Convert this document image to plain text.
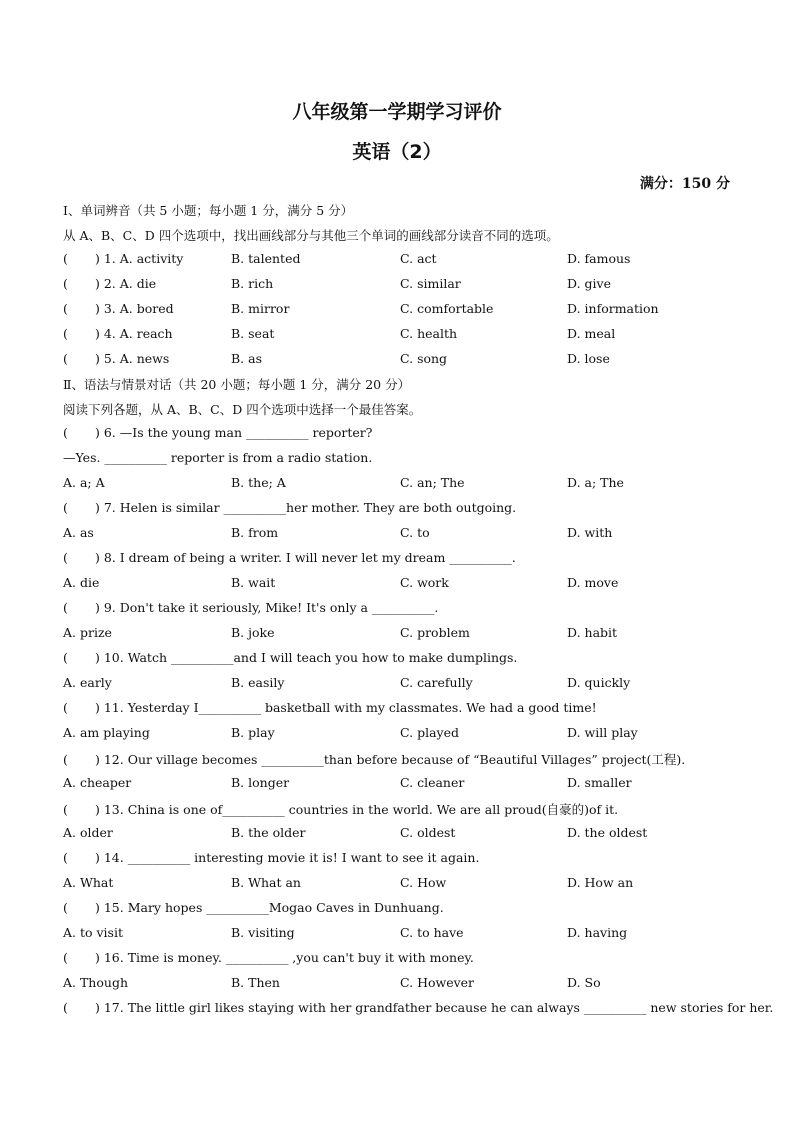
八年级第一学期学习评价
英语（2）
满分：150 分
I、单词辨音（共 5 小题；每小题 1 分，满分 5 分）
从 A、B、C、D 四个选项中，找出画线部分与其他三个单词的画线部分读音不同的选项。
( ) 1. A. activity	B. talented	C. act	D. famous
( ) 2. A. die	B. rich	C. similar	D. give
( ) 3. A. bored	B. mirror	C. comfortable	D. information
( ) 4. A. reach	B. seat	C. health	D. meal
( ) 5. A. news	B. as	C. song	D. lose
Ⅱ、语法与情景对话（共 20 小题；每小题 1 分，满分 20 分）
阅读下列各题，从 A、B、C、D 四个选项中选择一个最佳答案。
( ) 6. —Is the young man __________ reporter?
—Yes. __________ reporter is from a radio station.
A. a; A	B. the; A	C. an; The	D. a; The
( ) 7. Helen is similar __________her mother. They are both outgoing.
A. as	B. from	C. to	D. with
( ) 8. I dream of being a writer. I will never let my dream __________.
A. die	B. wait	C. work	D. move
( ) 9. Don't take it seriously, Mike! It's only a __________.
A. prize	B. joke	C. problem	D. habit
( ) 10. Watch __________and I will teach you how to make dumplings.
A. early	B. easily	C. carefully	D. quickly
( ) 11. Yesterday I__________ basketball with my classmates. We had a good time!
A. am playing	B. play	C. played	D. will play
( ) 12. Our village becomes __________than before because of “Beautiful Villages” project(工程).
A. cheaper	B. longer	C. cleaner	D. smaller
( ) 13. China is one of__________ countries in the world. We are all proud(自豪的)of it.
A. older	B. the older	C. oldest	D. the oldest
( ) 14. __________ interesting movie it is! I want to see it again.
A. What	B. What an	C. How	D. How an
( ) 15. Mary hopes __________Mogao Caves in Dunhuang.
A. to visit	B. visiting	C. to have	D. having
( ) 16. Time is money. __________ ,you can't buy it with money.
A. Though	B. Then	C. However	D. So
( ) 17. The little girl likes staying with her grandfather because he can always __________ new stories for her.
